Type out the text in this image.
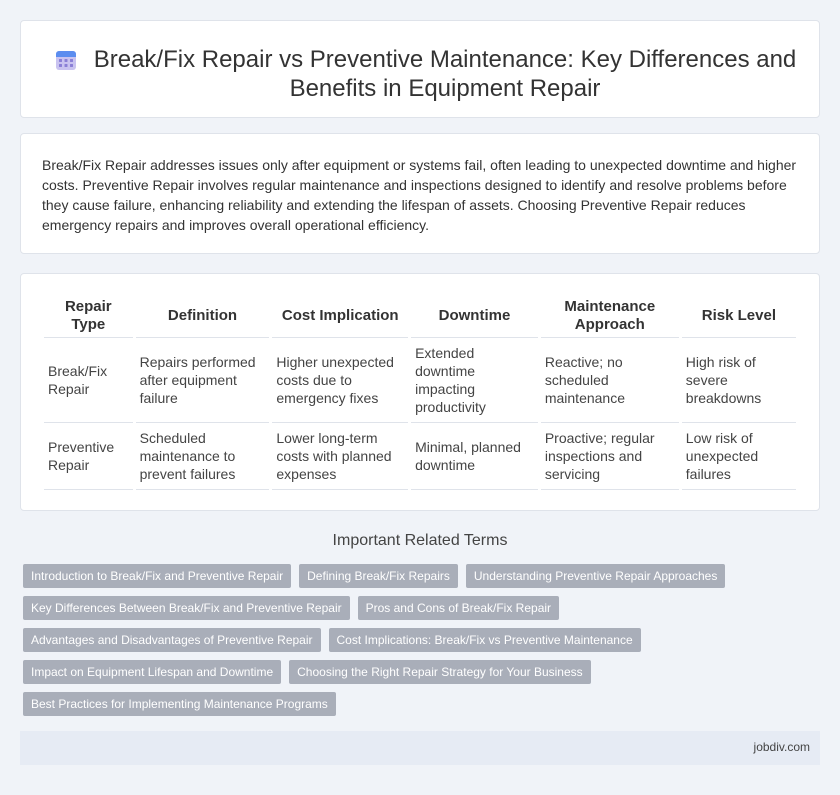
Break/Fix Repair vs Preventive Maintenance: Key Differences and Benefits in Equipment Repair

Break/Fix Repair addresses issues only after equipment or systems fail, often leading to unexpected downtime and higher costs. Preventive Repair involves regular maintenance and inspections designed to identify and resolve problems before they cause failure, enhancing reliability and extending the lifespan of assets. Choosing Preventive Repair reduces emergency repairs and improves overall operational efficiency.

Repair Type	Definition	Cost Implication	Downtime	Maintenance Approach	Risk Level
Break/Fix Repair	Repairs performed after equipment failure	Higher unexpected costs due to emergency fixes	Extended downtime impacting productivity	Reactive; no scheduled maintenance	High risk of severe breakdowns
Preventive Repair	Scheduled maintenance to prevent failures	Lower long-term costs with planned expenses	Minimal, planned downtime	Proactive; regular inspections and servicing	Low risk of unexpected failures
Important Related Terms
Introduction to Break/Fix and Preventive Repair	Defining Break/Fix Repairs	Understanding Preventive Repair Approaches
Key Differences Between Break/Fix and Preventive Repair	Pros and Cons of Break/Fix Repair
Advantages and Disadvantages of Preventive Repair	Cost Implications: Break/Fix vs Preventive Maintenance
Impact on Equipment Lifespan and Downtime	Choosing the Right Repair Strategy for Your Business
Best Practices for Implementing Maintenance Programs
jobdiv.com
